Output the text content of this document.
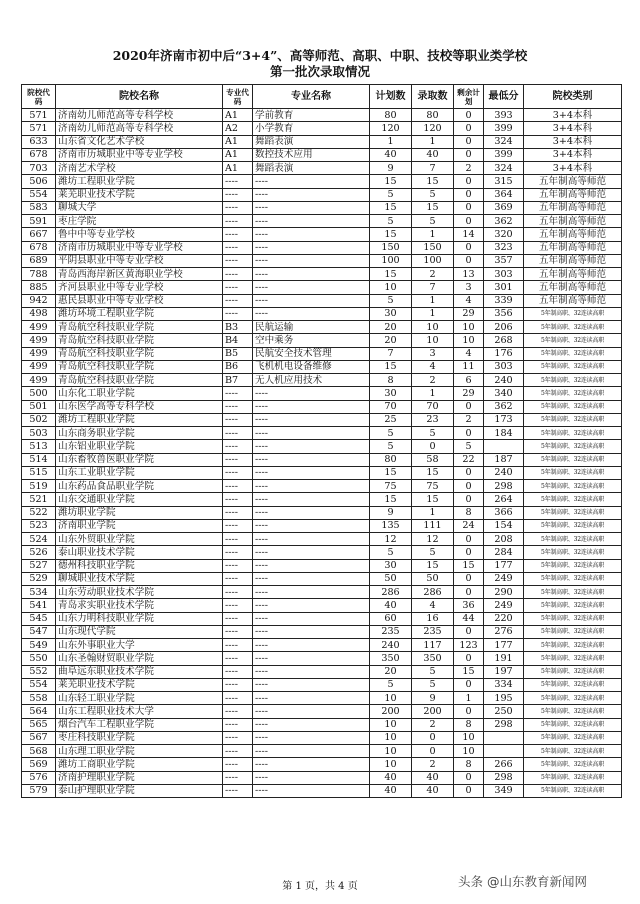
2020年济南市初中后“3+4”、高等师范、高职、中职、技校等职业类学校
第一批次录取情况
院校代码	院校名称	专业代码	专业名称	计划数	录取数	剩余计划	最低分	院校类别
571	济南幼儿师范高等专科学校	A1	学前教育	80	80	0	393	3+4本科
571	济南幼儿师范高等专科学校	A2	小学教育	120	120	0	399	3+4本科
633	山东省文化艺术学校	A1	舞蹈表演	1	1	0	324	3+4本科
678	济南市历城职业中等专业学校	A1	数控技术应用	40	40	0	399	3+4本科
703	济南艺术学校	A1	舞蹈表演	9	7	2	324	3+4本科
506	潍坊工程职业学院	----	----	15	15	0	315	五年制高等师范
554	莱芜职业技术学院	----	----	5	5	0	364	五年制高等师范
583	聊城大学	----	----	15	15	0	369	五年制高等师范
591	枣庄学院	----	----	5	5	0	362	五年制高等师范
667	鲁中中等专业学校	----	----	15	1	14	320	五年制高等师范
678	济南市历城职业中等专业学校	----	----	150	150	0	323	五年制高等师范
689	平阴县职业中等专业学校	----	----	100	100	0	357	五年制高等师范
788	青岛西海岸新区黄海职业学校	----	----	15	2	13	303	五年制高等师范
885	齐河县职业中等专业学校	----	----	10	7	3	301	五年制高等师范
942	惠民县职业中等专业学校	----	----	5	1	4	339	五年制高等师范
498	潍坊环境工程职业学院	----	----	30	1	29	356	5年制高职、32连读高职
499	青岛航空科技职业学院	B3	民航运输	20	10	10	206	5年制高职、32连读高职
499	青岛航空科技职业学院	B4	空中乘务	20	10	10	268	5年制高职、32连读高职
499	青岛航空科技职业学院	B5	民航安全技术管理	7	3	4	176	5年制高职、32连读高职
499	青岛航空科技职业学院	B6	飞机机电设备维修	15	4	11	303	5年制高职、32连读高职
499	青岛航空科技职业学院	B7	无人机应用技术	8	2	6	240	5年制高职、32连读高职
500	山东化工职业学院	----	----	30	1	29	340	5年制高职、32连读高职
501	山东医学高等专科学校	----	----	70	70	0	362	5年制高职、32连读高职
502	潍坊工程职业学院	----	----	25	23	2	173	5年制高职、32连读高职
503	山东商务职业学院	----	----	5	5	0	184	5年制高职、32连读高职
513	山东铝业职业学院	----	----	5	0	5		5年制高职、32连读高职
514	山东畜牧兽医职业学院	----	----	80	58	22	187	5年制高职、32连读高职
515	山东工业职业学院	----	----	15	15	0	240	5年制高职、32连读高职
519	山东药品食品职业学院	----	----	75	75	0	298	5年制高职、32连读高职
521	山东交通职业学院	----	----	15	15	0	264	5年制高职、32连读高职
522	潍坊职业学院	----	----	9	1	8	366	5年制高职、32连读高职
523	济南职业学院	----	----	135	111	24	154	5年制高职、32连读高职
524	山东外贸职业学院	----	----	12	12	0	208	5年制高职、32连读高职
526	泰山职业技术学院	----	----	5	5	0	284	5年制高职、32连读高职
527	德州科技职业学院	----	----	30	15	15	177	5年制高职、32连读高职
529	聊城职业技术学院	----	----	50	50	0	249	5年制高职、32连读高职
534	山东劳动职业技术学院	----	----	286	286	0	290	5年制高职、32连读高职
541	青岛求实职业技术学院	----	----	40	4	36	249	5年制高职、32连读高职
545	山东力明科技职业学院	----	----	60	16	44	220	5年制高职、32连读高职
547	山东现代学院	----	----	235	235	0	276	5年制高职、32连读高职
549	山东外事职业大学	----	----	240	117	123	177	5年制高职、32连读高职
550	山东圣翰财贸职业学院	----	----	350	350	0	191	5年制高职、32连读高职
552	曲阜远东职业技术学院	----	----	20	5	15	197	5年制高职、32连读高职
554	莱芜职业技术学院	----	----	5	5	0	334	5年制高职、32连读高职
558	山东轻工职业学院	----	----	10	9	1	195	5年制高职、32连读高职
564	山东工程职业技术大学	----	----	200	200	0	250	5年制高职、32连读高职
565	烟台汽车工程职业学院	----	----	10	2	8	298	5年制高职、32连读高职
567	枣庄科技职业学院	----	----	10	0	10		5年制高职、32连读高职
568	山东理工职业学院	----	----	10	0	10		5年制高职、32连读高职
569	潍坊工商职业学院	----	----	10	2	8	266	5年制高职、32连读高职
576	济南护理职业学院	----	----	40	40	0	298	5年制高职、32连读高职
579	泰山护理职业学院	----	----	40	40	0	349	5年制高职、32连读高职
第 1 页，共 4 页	头条 @山东教育新闻网
